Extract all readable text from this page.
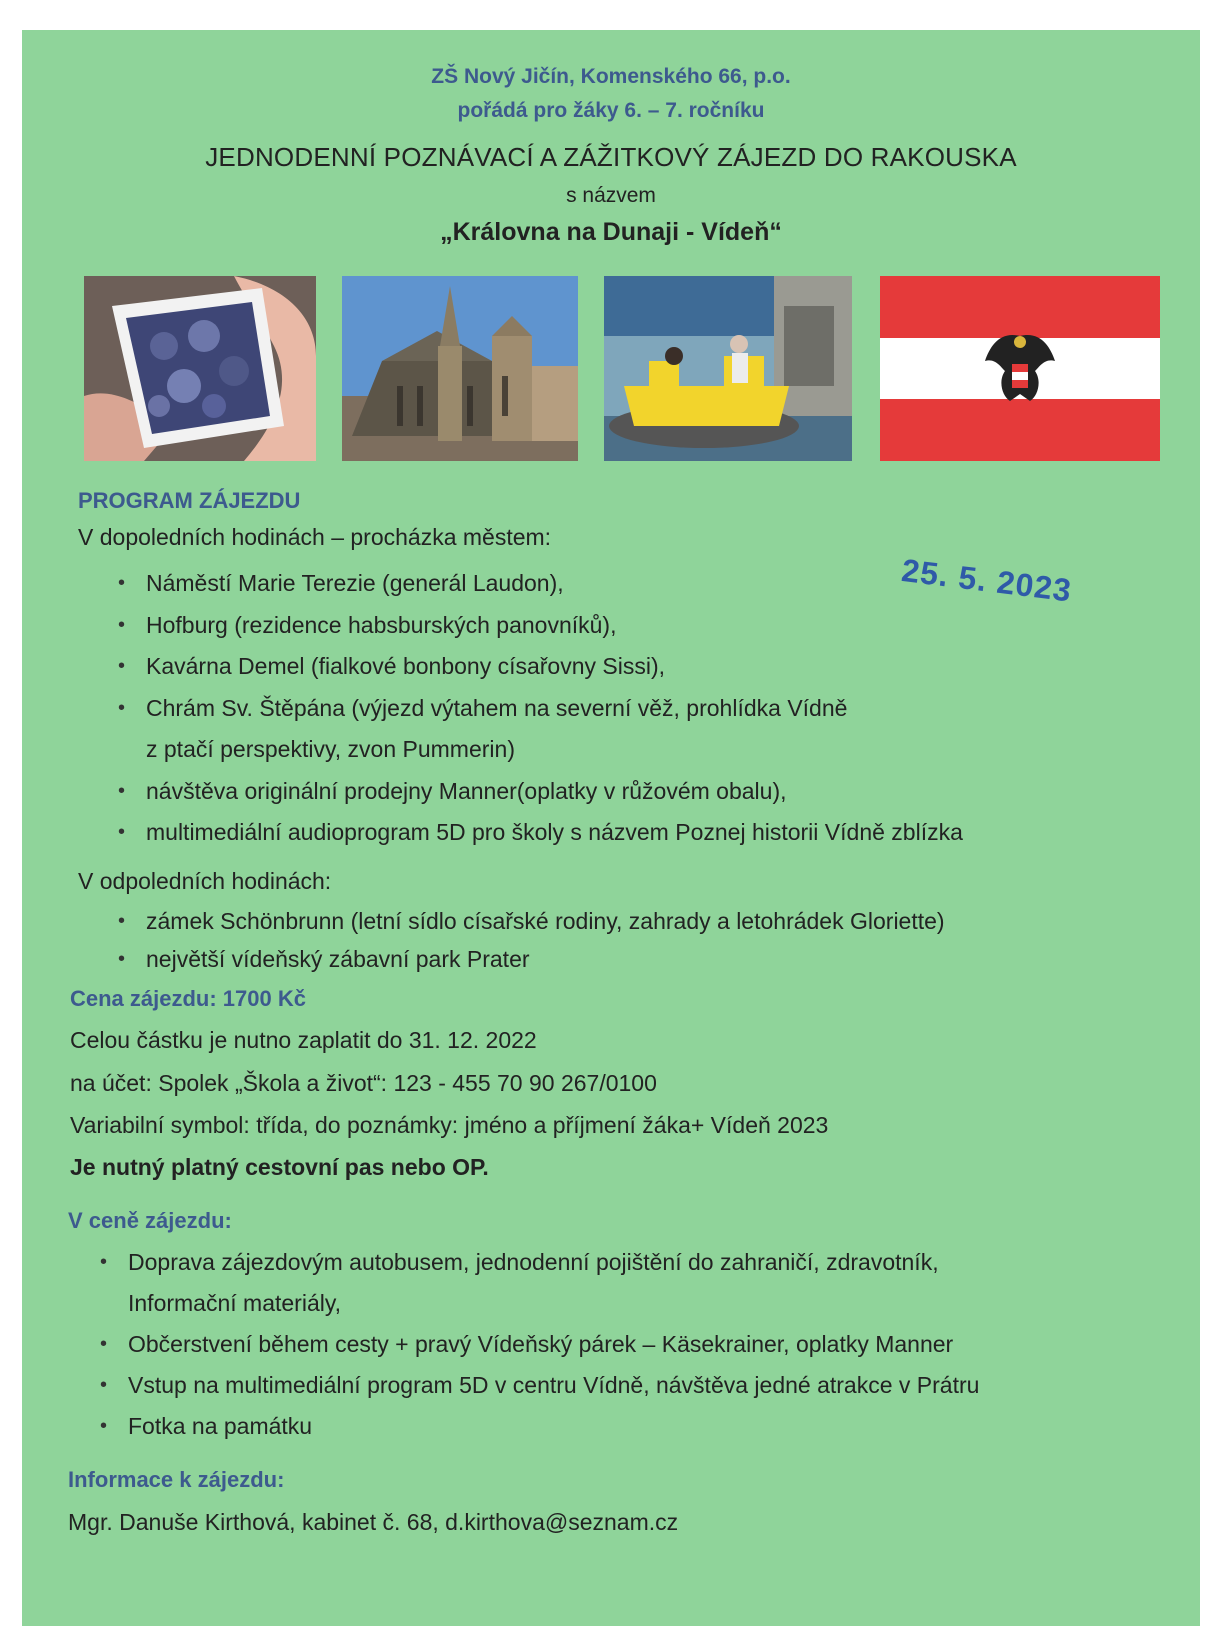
ZŠ Nový Jičín, Komenského 66, p.o.
pořádá pro žáky 6. – 7. ročníku
JEDNODENNÍ POZNÁVACÍ A ZÁŽITKOVÝ ZÁJEZD DO RAKOUSKA
s názvem
„Královna na Dunaji - Vídeň“
25. 5. 2023
PROGRAM ZÁJEZDU
V dopoledních hodinách – procházka městem:
• Náměstí Marie Terezie (generál Laudon),
• Hofburg (rezidence habsburských panovníků),
• Kavárna Demel (fialkové bonbony císařovny Sissi),
• Chrám Sv. Štěpána (výjezd výtahem na severní věž, prohlídka Vídně
z ptačí perspektivy, zvon Pummerin)
• návštěva originální prodejny Manner(oplatky v růžovém obalu),
• multimediální audioprogram 5D pro školy s názvem Poznej historii Vídně zblízka
V odpoledních hodinách:
• zámek Schönbrunn (letní sídlo císařské rodiny, zahrady a letohrádek Gloriette)
• největší vídeňský zábavní park Prater
Cena zájezdu: 1700 Kč
Celou částku je nutno zaplatit do 31. 12. 2022
na účet: Spolek „Škola a život“: 123 - 455 70 90 267/0100
Variabilní symbol: třída, do poznámky: jméno a příjmení žáka+ Vídeň 2023
Je nutný platný cestovní pas nebo OP.
V ceně zájezdu:
• Doprava zájezdovým autobusem, jednodenní pojištění do zahraničí, zdravotník,
Informační materiály,
• Občerstvení během cesty + pravý Vídeňský párek – Käsekrainer, oplatky Manner
• Vstup na multimediální program 5D v centru Vídně, návštěva jedné atrakce v Prátru
• Fotka na památku
Informace k zájezdu:
Mgr. Danuše Kirthová, kabinet č. 68, d.kirthova@seznam.cz
